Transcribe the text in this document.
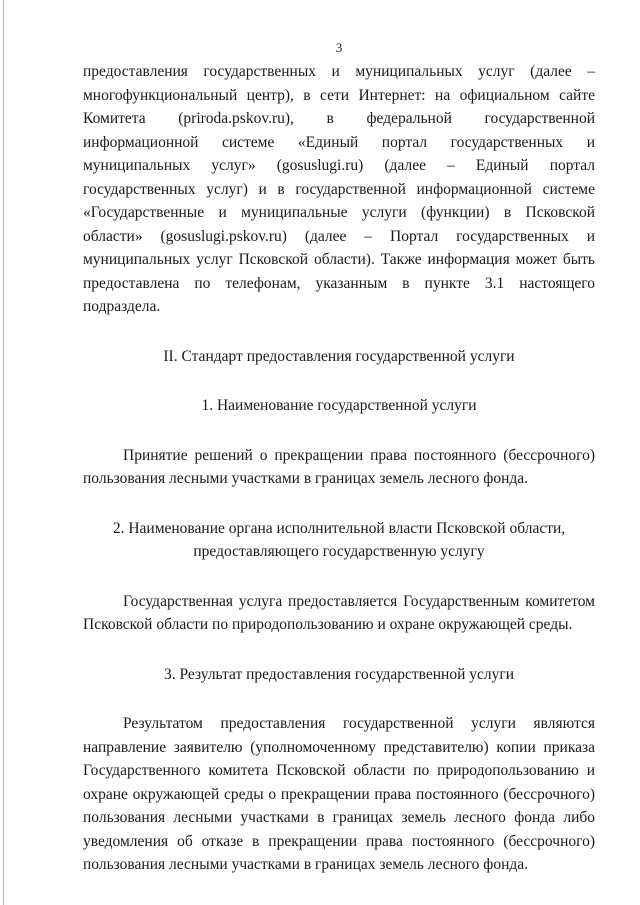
3

предоставления государственных и муниципальных услуг (далее – многофункциональный центр), в сети Интернет: на официальном сайте Комитета (priroda.pskov.ru), в федеральной государственной информационной системе «Единый портал государственных и муниципальных услуг» (gosuslugi.ru) (далее – Единый портал государственных услуг) и в государственной информационной системе «Государственные и муниципальные услуги (функции) в Псковской области» (gosuslugi.pskov.ru) (далее – Портал государственных и муниципальных услуг Псковской области). Также информация может быть предоставлена по телефонам, указанным в пункте 3.1 настоящего подраздела.

II. Стандарт предоставления государственной услуги

1. Наименование государственной услуги

Принятие решений о прекращении права постоянного (бессрочного) пользования лесными участками в границах земель лесного фонда.

2. Наименование органа исполнительной власти Псковской области,
предоставляющего государственную услугу

Государственная услуга предоставляется Государственным комитетом Псковской области по природопользованию и охране окружающей среды.

3. Результат предоставления государственной услуги

Результатом предоставления государственной услуги являются направление заявителю (уполномоченному представителю) копии приказа Государственного комитета Псковской области по природопользованию и охране окружающей среды о прекращении права постоянного (бессрочного) пользования лесными участками в границах земель лесного фонда либо уведомления об отказе в прекращении права постоянного (бессрочного) пользования лесными участками в границах земель лесного фонда.
